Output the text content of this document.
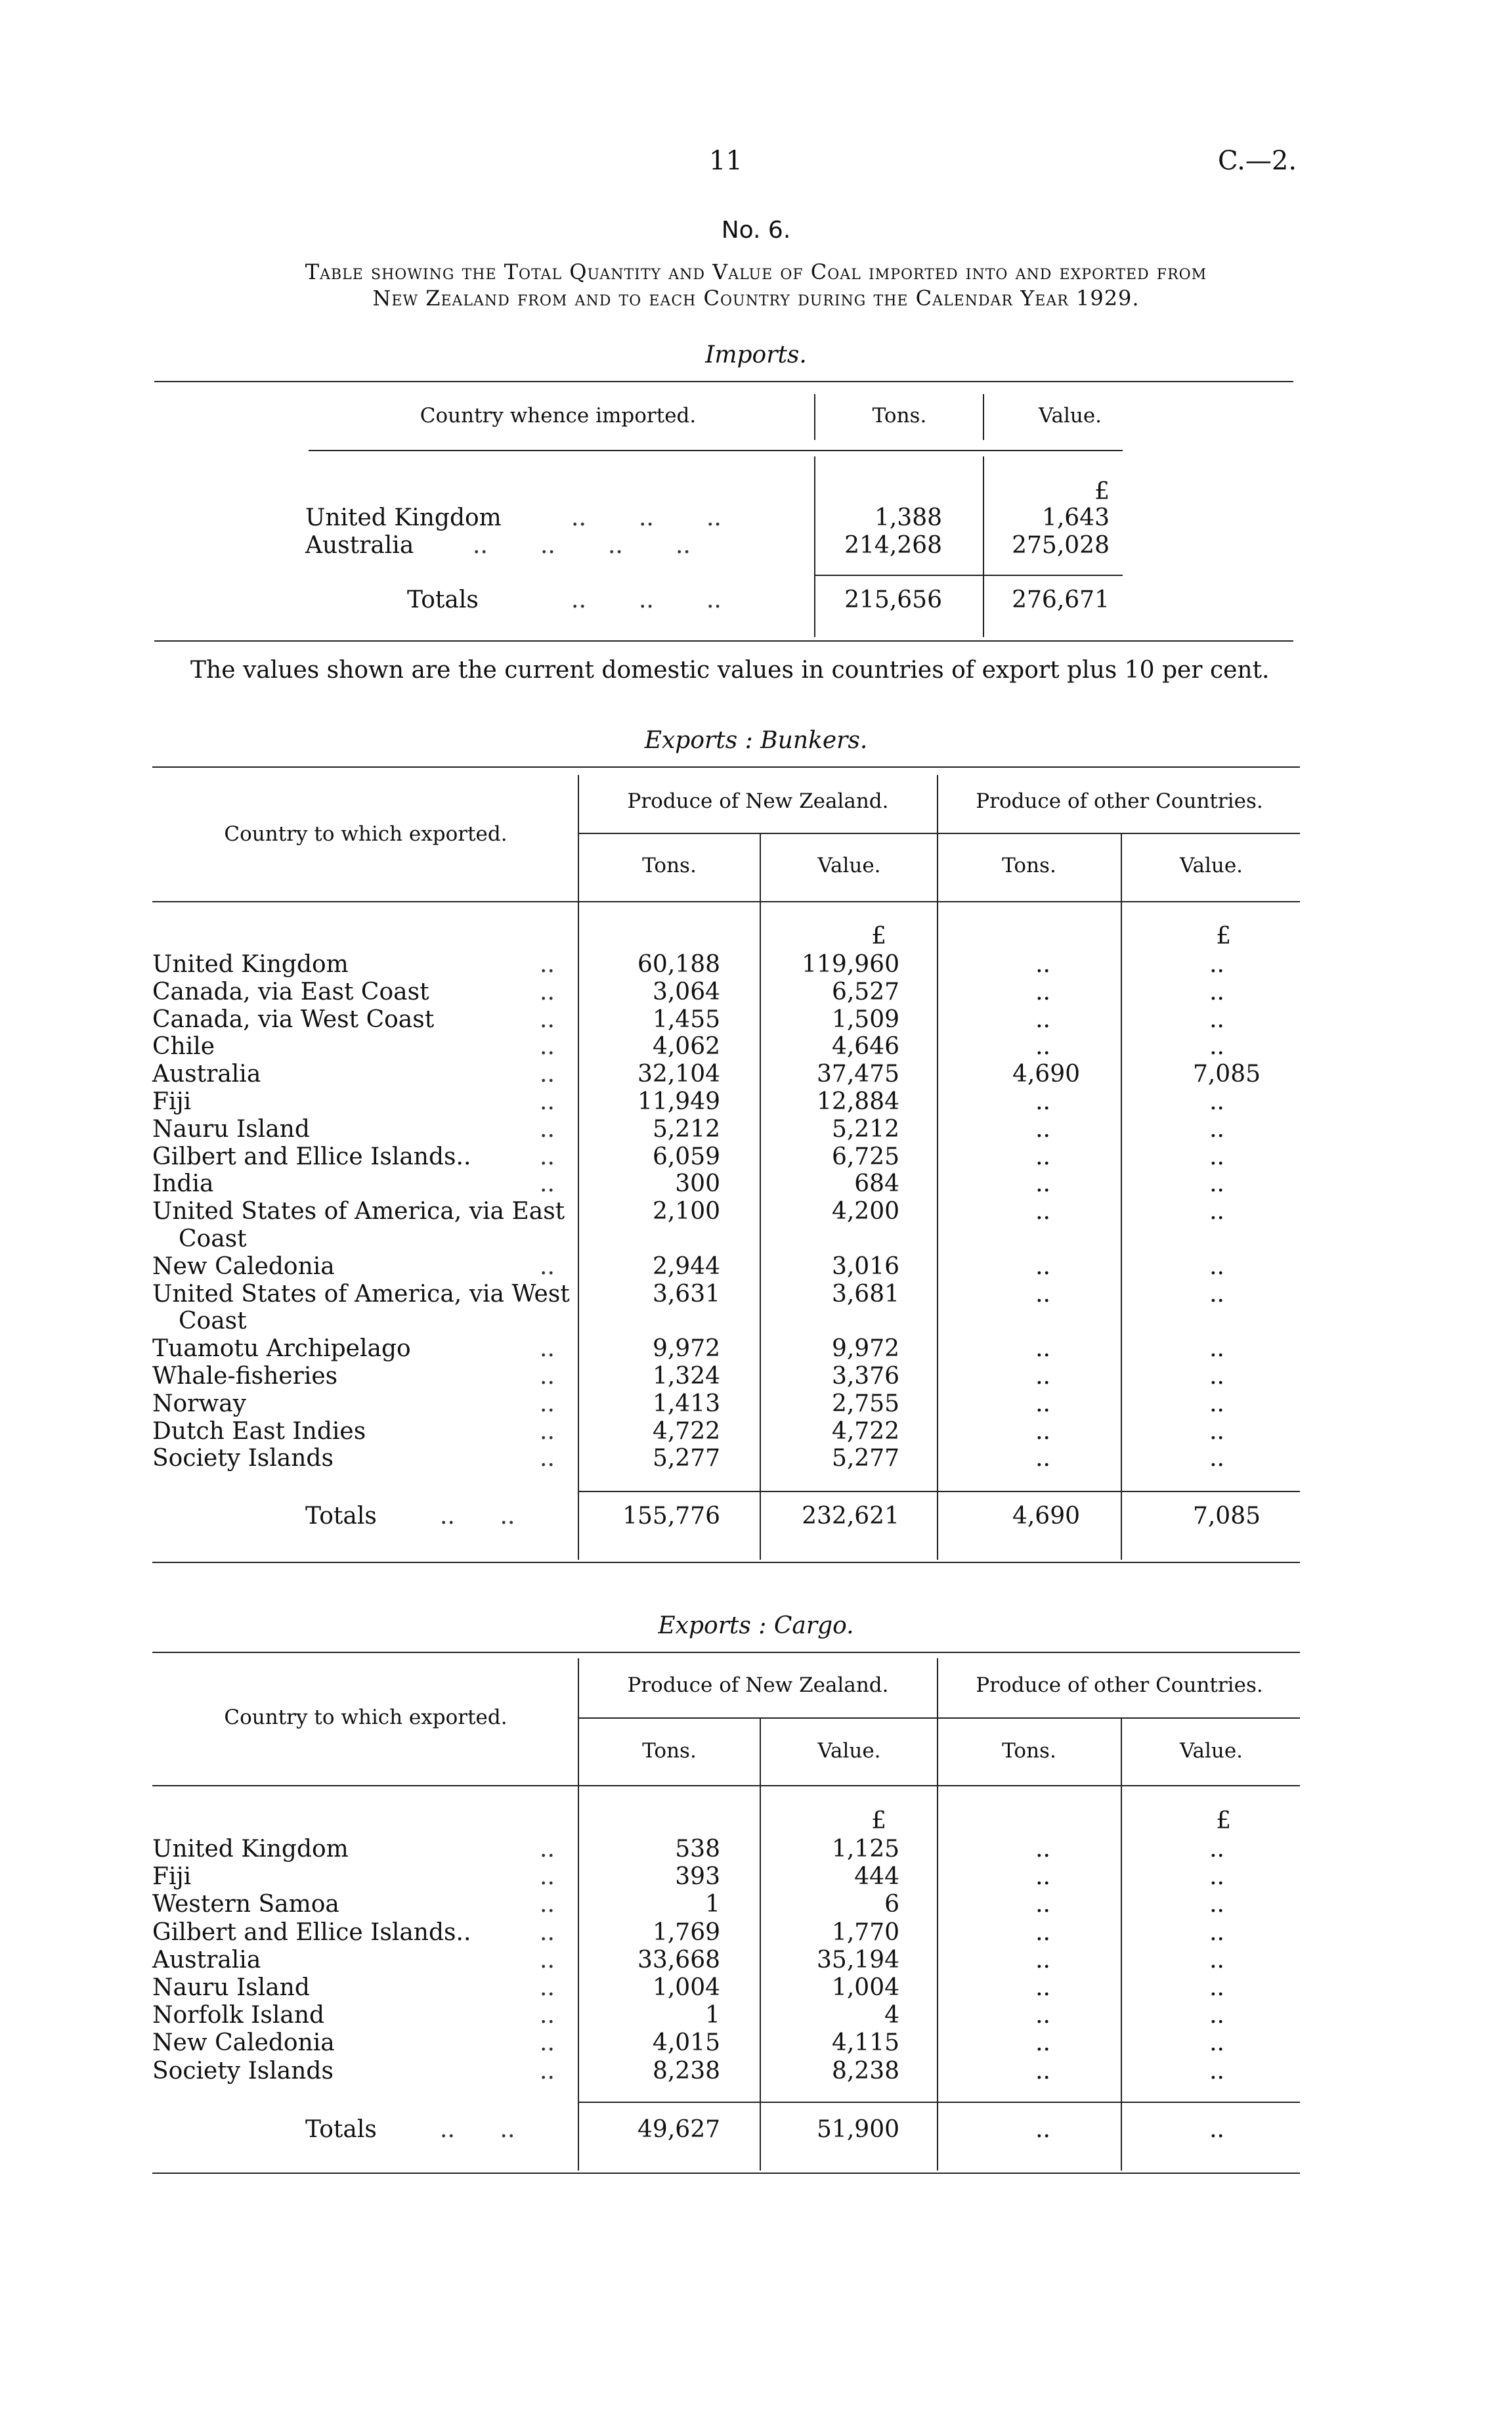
11	C.—2.
No. 6.
Table showing the Total Quantity and Value of Coal imported into and exported from
New Zealand from and to each Country during the Calendar Year 1929.
Imports.
Country whence imported.	Tons.	Value.
£
United Kingdom	..       ..       ..	1,388	1,643
Australia ..       ..       ..       ..	214,268	275,028
Totals	..       ..       ..	215,656	276,671
The values shown are the current domestic values in countries of export plus 10 per cent.
Exports : Bunkers.
Country to which exported.
Produce of New Zealand.	Produce of other Countries.
Tons.	Value.	Tons.	Value.
£	£
United Kingdom	..	60,188	119,960	..	..
Canada, via East Coast	..	3,064	6,527	..	..
Canada, via West Coast	..	1,455	1,509	..	..
Chile	..	4,062	4,646	..	..
Australia	..	32,104	37,475	4,690	7,085
Fiji	..	11,949	12,884	..	..
Nauru Island	..	5,212	5,212	..	..
Gilbert and Ellice Islands..	..	6,059	6,725	..	..
India	..	300	684	..	..
United States of America, via East	2,100	4,200	..	..
Coast
New Caledonia	..	2,944	3,016	..	..
United States of America, via West	3,631	3,681	..	..
Coast
Tuamotu Archipelago	..	9,972	9,972	..	..
Whale-fisheries	..	1,324	3,376	..	..
Norway	..	1,413	2,755	..	..
Dutch East Indies	..	4,722	4,722	..	..
Society Islands	..	5,277	5,277	..	..
Totals	..      ..	155,776	232,621	4,690	7,085
Exports : Cargo.
Country to which exported.
Produce of New Zealand.	Produce of other Countries.
Tons.	Value.	Tons.	Value.
£	£
United Kingdom	..	538	1,125	..	..
Fiji	..	393	444	..	..
Western Samoa	..	1	6	..	..
Gilbert and Ellice Islands..	..	1,769	1,770	..	..
Australia	..	33,668	35,194	..	..
Nauru Island	..	1,004	1,004	..	..
Norfolk Island	..	1	4	..	..
New Caledonia	..	4,015	4,115	..	..
Society Islands	..	8,238	8,238	..	..
Totals	..      ..	49,627	51,900	..	..
